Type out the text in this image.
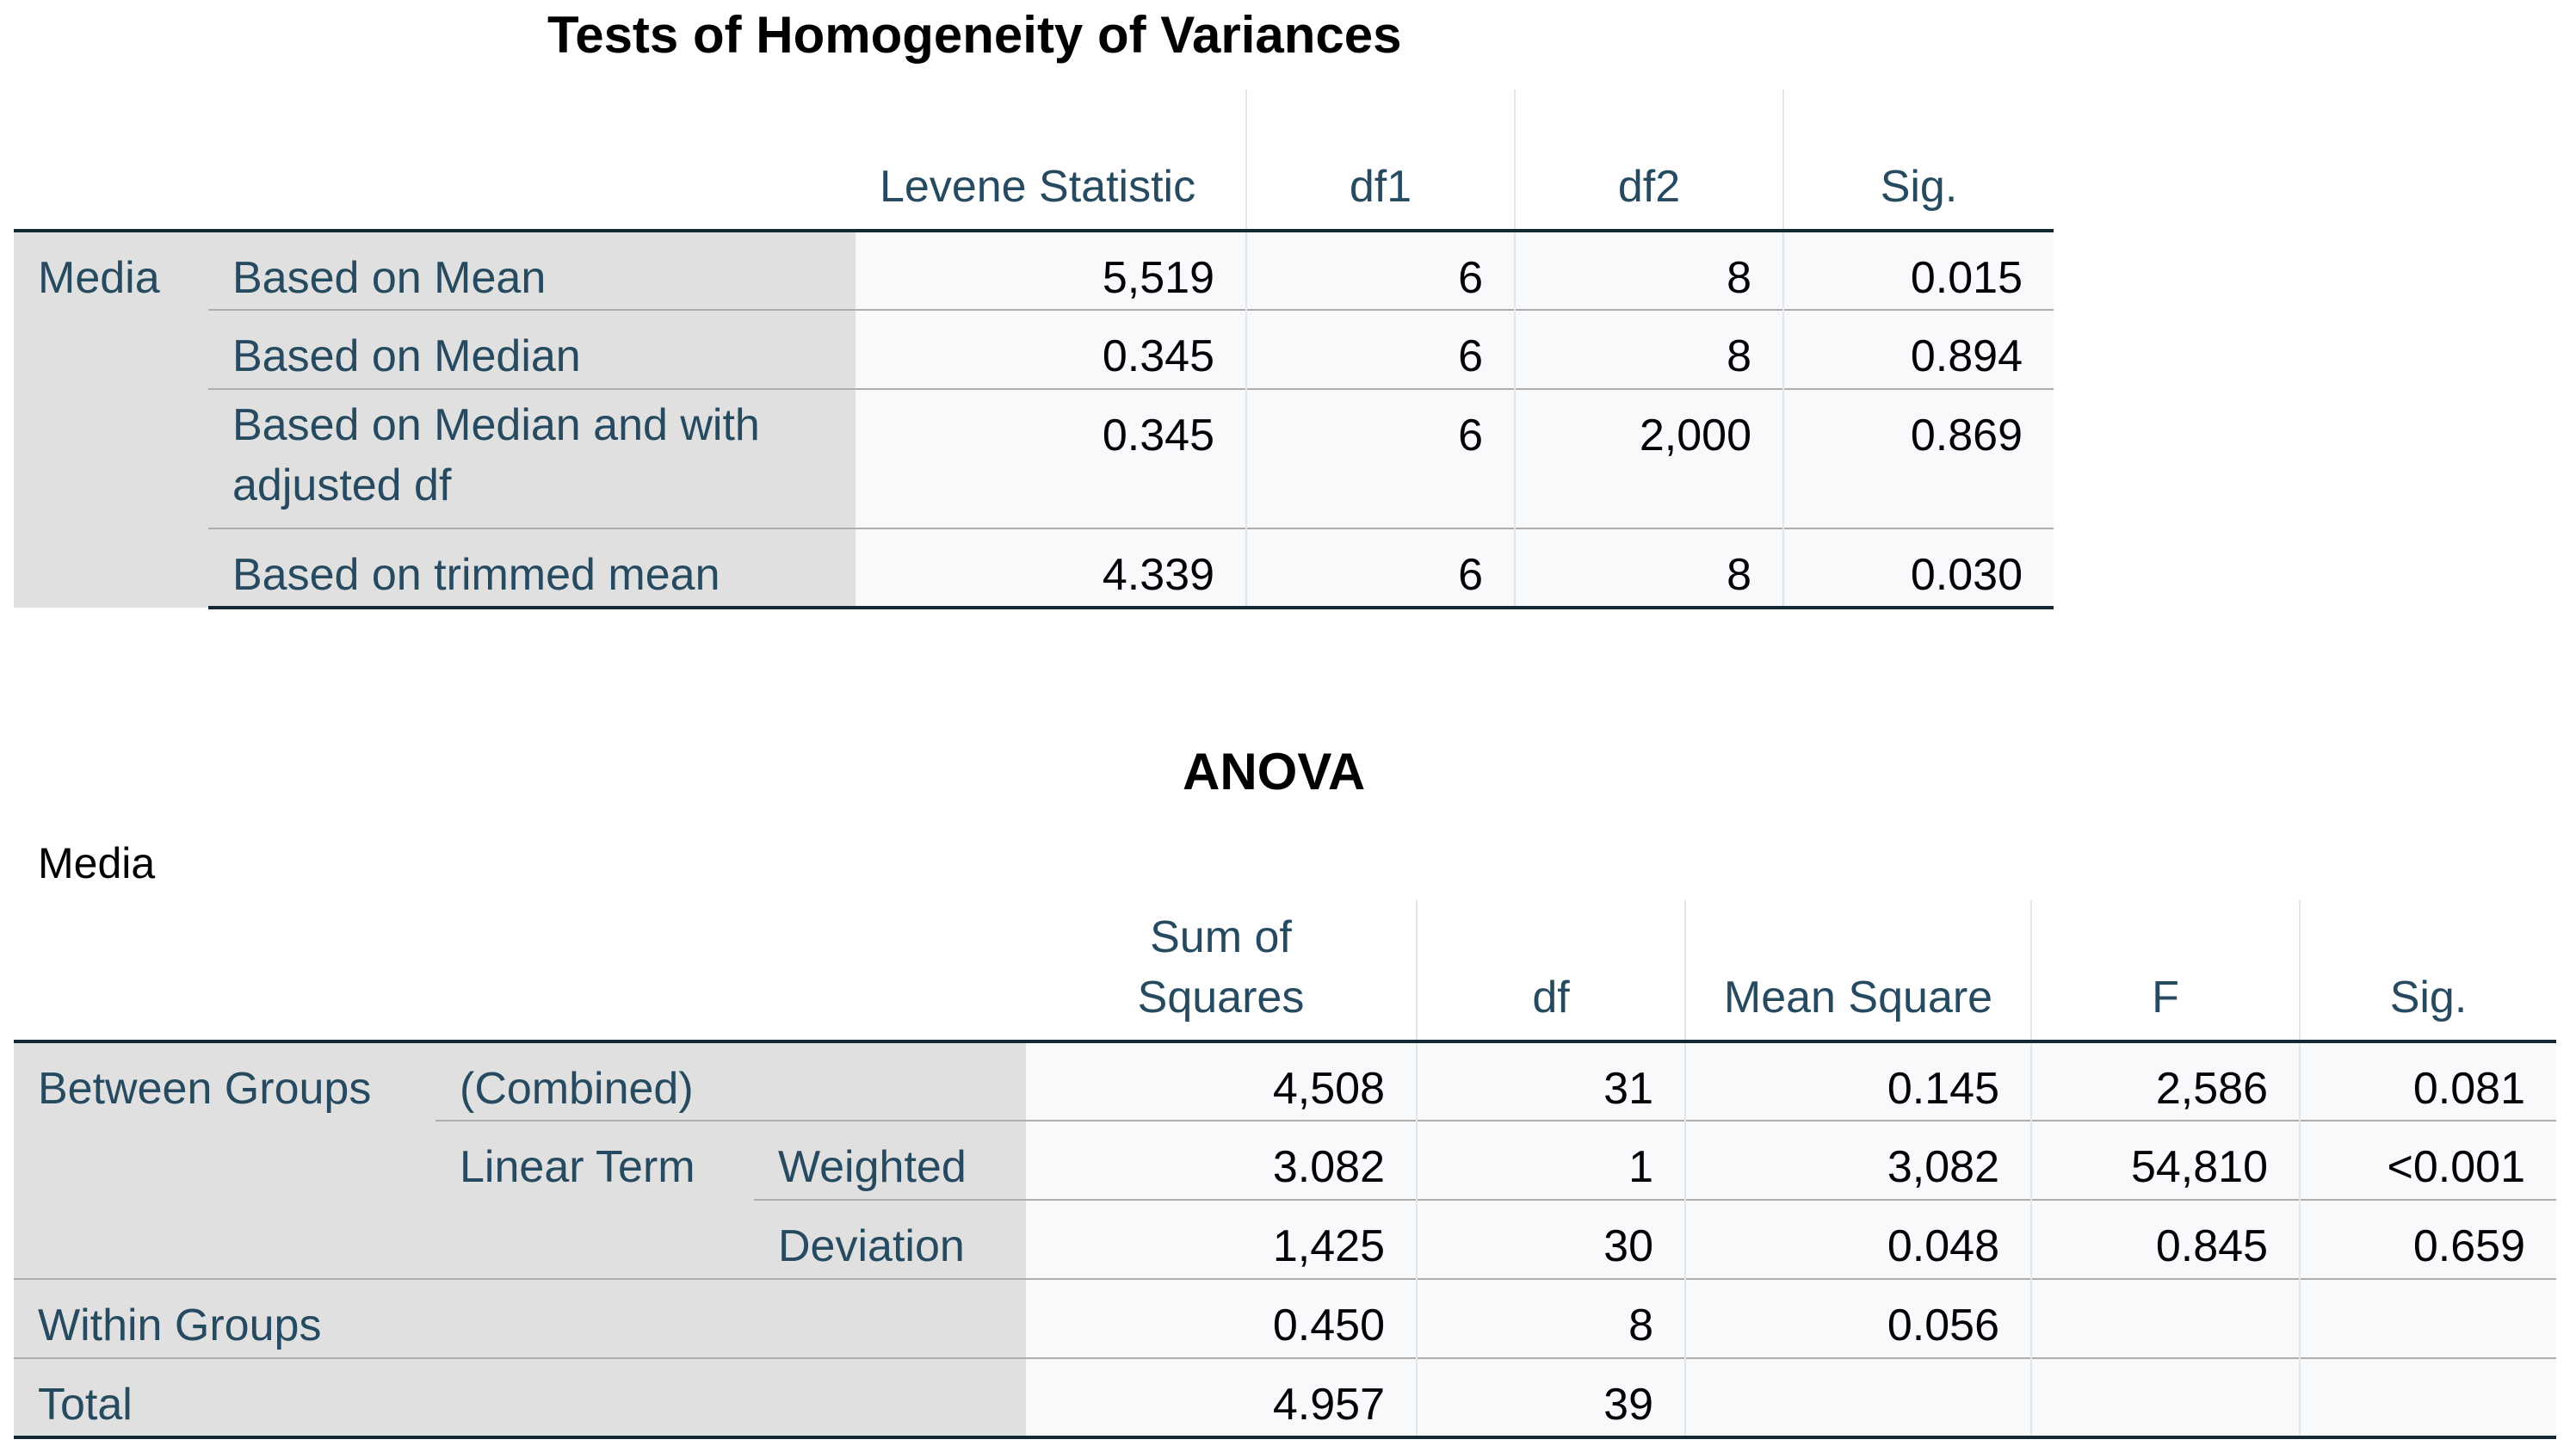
Tests of Homogeneity of Variances
		Levene Statistic	df1	df2	Sig.
Media	Based on Mean	5,519	6	8	0.015
	Based on Median	0.345	6	8	0.894
	Based on Median and with adjusted df	0.345	6	2,000	0.869
	Based on trimmed mean	4.339	6	8	0.030
ANOVA
Media
			Sum of Squares	df	Mean Square	F	Sig.
Between Groups	(Combined)		4,508	31	0.145	2,586	0.081
	Linear Term	Weighted	3.082	1	3,082	54,810	<0.001
		Deviation	1,425	30	0.048	0.845	0.659
Within Groups			0.450	8	0.056		
Total			4.957	39			
